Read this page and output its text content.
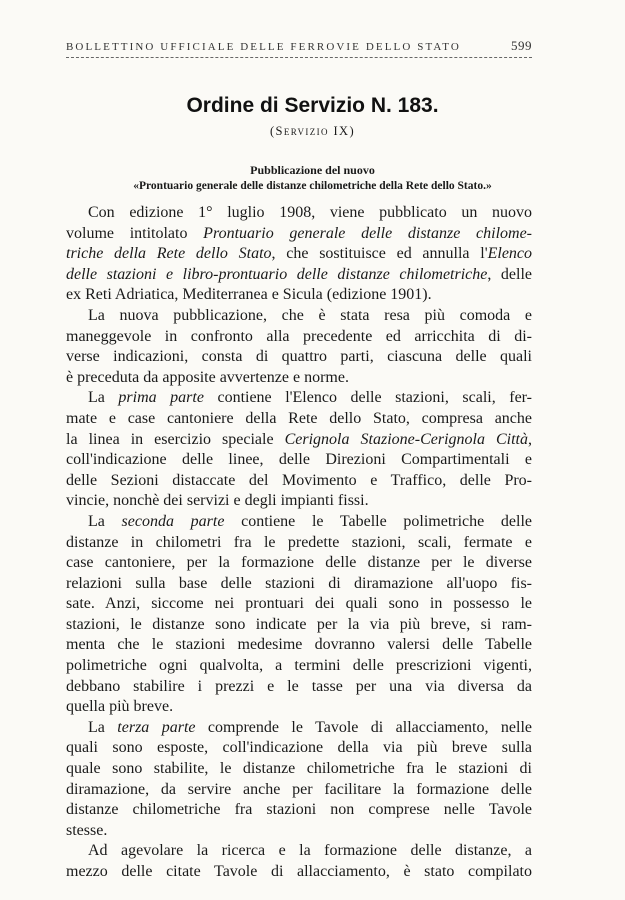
BOLLETTINO UFFICIALE DELLE FERROVIE DELLO STATO	599
Ordine di Servizio N. 183.
(Servizio IX)
Pubblicazione del nuovo
«Prontuario generale delle distanze chilometriche della Rete dello Stato.»
Con edizione 1° luglio 1908, viene pubblicato un nuovo
volume intitolato Prontuario generale delle distanze chilome-
triche della Rete dello Stato, che sostituisce ed annulla l'Elenco
delle stazioni e libro-prontuario delle distanze chilometriche, delle
ex Reti Adriatica, Mediterranea e Sicula (edizione 1901).
La nuova pubblicazione, che è stata resa più comoda e
maneggevole in confronto alla precedente ed arricchita di di-
verse indicazioni, consta di quattro parti, ciascuna delle quali
è preceduta da apposite avvertenze e norme.
La prima parte contiene l'Elenco delle stazioni, scali, fer-
mate e case cantoniere della Rete dello Stato, compresa anche
la linea in esercizio speciale Cerignola Stazione-Cerignola Città,
coll'indicazione delle linee, delle Direzioni Compartimentali e
delle Sezioni distaccate del Movimento e Traffico, delle Pro-
vincie, nonchè dei servizi e degli impianti fissi.
La seconda parte contiene le Tabelle polimetriche delle
distanze in chilometri fra le predette stazioni, scali, fermate e
case cantoniere, per la formazione delle distanze per le diverse
relazioni sulla base delle stazioni di diramazione all'uopo fis-
sate. Anzi, siccome nei prontuari dei quali sono in possesso le
stazioni, le distanze sono indicate per la via più breve, si ram-
menta che le stazioni medesime dovranno valersi delle Tabelle
polimetriche ogni qualvolta, a termini delle prescrizioni vigenti,
debbano stabilire i prezzi e le tasse per una via diversa da
quella più breve.
La terza parte comprende le Tavole di allacciamento, nelle
quali sono esposte, coll'indicazione della via più breve sulla
quale sono stabilite, le distanze chilometriche fra le stazioni di
diramazione, da servire anche per facilitare la formazione delle
distanze chilometriche fra stazioni non comprese nelle Tavole
stesse.
Ad agevolare la ricerca e la formazione delle distanze, a
mezzo delle citate Tavole di allacciamento, è stato compilato
